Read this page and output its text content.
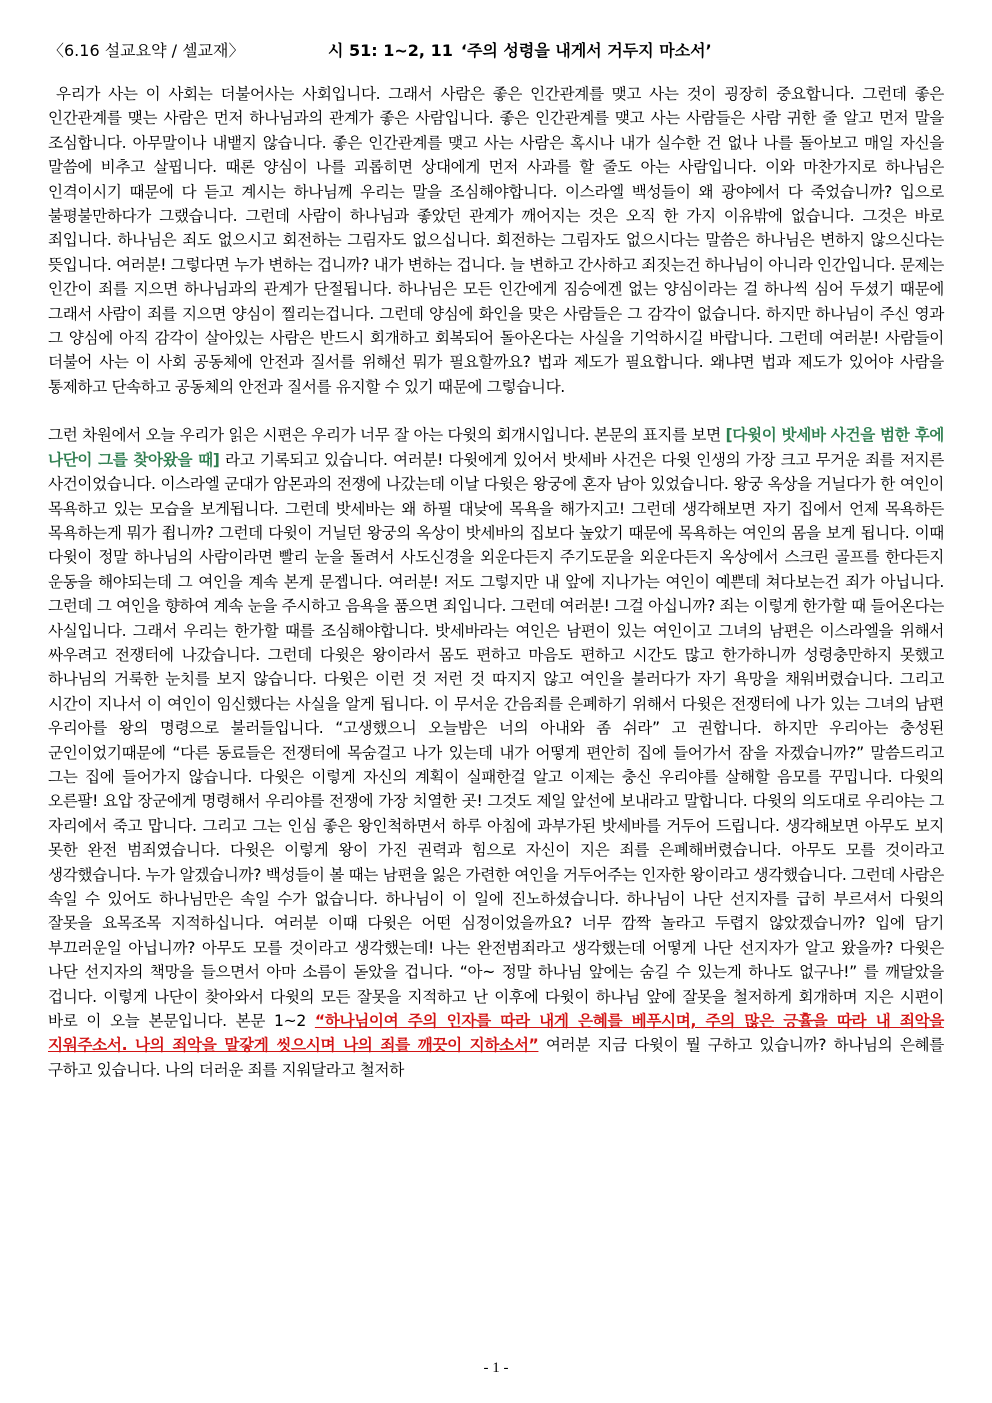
〈6.16 설교요약 / 셀교재〉	시 51: 1~2, 11 ‘주의 성령을 내게서 거두지 마소서’

우리가 사는 이 사회는 더불어사는 사회입니다. 그래서 사람은 좋은 인간관계를 맺고 사는 것이 굉장히 중요합니다. 그런데 좋은 인간관계를 맺는 사람은 먼저 하나님과의 관계가 좋은 사람입니다. 좋은 인간관계를 맺고 사는 사람들은 사람 귀한 줄 알고 먼저 말을 조심합니다. 아무말이나 내뱉지 않습니다. 좋은 인간관계를 맺고 사는 사람은 혹시나 내가 실수한 건 없나 나를 돌아보고 매일 자신을 말씀에 비추고 살핍니다. 때론 양심이 나를 괴롭히면 상대에게 먼저 사과를 할 줄도 아는 사람입니다. 이와 마찬가지로 하나님은 인격이시기 때문에 다 듣고 계시는 하나님께 우리는 말을 조심해야합니다. 이스라엘 백성들이 왜 광야에서 다 죽었습니까? 입으로 불평불만하다가 그랬습니다. 그런데 사람이 하나님과 좋았던 관계가 깨어지는 것은 오직 한 가지 이유밖에 없습니다. 그것은 바로 죄입니다. 하나님은 죄도 없으시고 회전하는 그림자도 없으십니다. 회전하는 그림자도 없으시다는 말씀은 하나님은 변하지 않으신다는 뜻입니다. 여러분! 그렇다면 누가 변하는 겁니까? 내가 변하는 겁니다. 늘 변하고 간사하고 죄짓는건 하나님이 아니라 인간입니다. 문제는 인간이 죄를 지으면 하나님과의 관계가 단절됩니다. 하나님은 모든 인간에게 짐승에겐 없는 양심이라는 걸 하나씩 심어 두셨기 때문에 그래서 사람이 죄를 지으면 양심이 찔리는겁니다. 그런데 양심에 화인을 맞은 사람들은 그 감각이 없습니다. 하지만 하나님이 주신 영과 그 양심에 아직 감각이 살아있는 사람은 반드시 회개하고 회복되어 돌아온다는 사실을 기억하시길 바랍니다. 그런데 여러분! 사람들이 더불어 사는 이 사회 공동체에 안전과 질서를 위해선 뭐가 필요할까요? 법과 제도가 필요합니다. 왜냐면 법과 제도가 있어야 사람을 통제하고 단속하고 공동체의 안전과 질서를 유지할 수 있기 때문에 그렇습니다.

그런 차원에서 오늘 우리가 읽은 시편은 우리가 너무 잘 아는 다윗의 회개시입니다. 본문의 표지를 보면 [다윗이 밧세바 사건을 범한 후에 나단이 그를 찾아왔을 때] 라고 기록되고 있습니다. 여러분! 다윗에게 있어서 밧세바 사건은 다윗 인생의 가장 크고 무거운 죄를 저지른 사건이었습니다. 이스라엘 군대가 암몬과의 전쟁에 나갔는데 이날 다윗은 왕궁에 혼자 남아 있었습니다. 왕궁 옥상을 거닐다가 한 여인이 목욕하고 있는 모습을 보게됩니다. 그런데 밧세바는 왜 하필 대낮에 목욕을 해가지고! 그런데 생각해보면 자기 집에서 언제 목욕하든 목욕하는게 뭐가 죕니까? 그런데 다윗이 거닐던 왕궁의 옥상이 밧세바의 집보다 높았기 때문에 목욕하는 여인의 몸을 보게 됩니다. 이때 다윗이 정말 하나님의 사람이라면 빨리 눈을 돌려서 사도신경을 외운다든지 주기도문을 외운다든지 옥상에서 스크린 골프를 한다든지 운동을 해야되는데 그 여인을 계속 본게 문젭니다. 여러분! 저도 그렇지만 내 앞에 지나가는 여인이 예쁜데 쳐다보는건 죄가 아닙니다. 그런데 그 여인을 향하여 계속 눈을 주시하고 음욕을 품으면 죄입니다. 그런데 여러분! 그걸 아십니까? 죄는 이렇게 한가할 때 들어온다는 사실입니다. 그래서 우리는 한가할 때를 조심해야합니다. 밧세바라는 여인은 남편이 있는 여인이고 그녀의 남편은 이스라엘을 위해서 싸우려고 전쟁터에 나갔습니다. 그런데 다윗은 왕이라서 몸도 편하고 마음도 편하고 시간도 많고 한가하니까 성령충만하지 못했고 하나님의 거룩한 눈치를 보지 않습니다. 다윗은 이런 것 저런 것 따지지 않고 여인을 불러다가 자기 욕망을 채워버렸습니다. 그리고 시간이 지나서 이 여인이 임신했다는 사실을 알게 됩니다. 이 무서운 간음죄를 은폐하기 위해서 다윗은 전쟁터에 나가 있는 그녀의 남편 우리아를 왕의 명령으로 불러들입니다. “고생했으니 오늘밤은 너의 아내와 좀 쉬라” 고 권합니다. 하지만 우리아는 충성된 군인이었기때문에 “다른 동료들은 전쟁터에 목숨걸고 나가 있는데 내가 어떻게 편안히 집에 들어가서 잠을 자겠습니까?” 말씀드리고 그는 집에 들어가지 않습니다. 다윗은 이렇게 자신의 계획이 실패한걸 알고 이제는 충신 우리야를 살해할 음모를 꾸밉니다. 다윗의 오른팔! 요압 장군에게 명령해서 우리야를 전쟁에 가장 치열한 곳! 그것도 제일 앞선에 보내라고 말합니다. 다윗의 의도대로 우리야는 그 자리에서 죽고 맙니다. 그리고 그는 인심 좋은 왕인척하면서 하루 아침에 과부가된 밧세바를 거두어 드립니다. 생각해보면 아무도 보지 못한 완전 범죄였습니다. 다윗은 이렇게 왕이 가진 권력과 힘으로 자신이 지은 죄를 은폐해버렸습니다. 아무도 모를 것이라고 생각했습니다. 누가 알겠습니까? 백성들이 볼 때는 남편을 잃은 가련한 여인을 거두어주는 인자한 왕이라고 생각했습니다. 그런데 사람은 속일 수 있어도 하나님만은 속일 수가 없습니다. 하나님이 이 일에 진노하셨습니다. 하나님이 나단 선지자를 급히 부르셔서 다윗의 잘못을 요목조목 지적하십니다. 여러분 이때 다윗은 어떤 심정이었을까요? 너무 깜짝 놀라고 두렵지 않았겠습니까? 입에 담기 부끄러운일 아닙니까? 아무도 모를 것이라고 생각했는데! 나는 완전범죄라고 생각했는데 어떻게 나단 선지자가 알고 왔을까? 다윗은 나단 선지자의 책망을 들으면서 아마 소름이 돋았을 겁니다. “아~ 정말 하나님 앞에는 숨길 수 있는게 하나도 없구나!” 를 깨달았을 겁니다. 이렇게 나단이 찾아와서 다윗의 모든 잘못을 지적하고 난 이후에 다윗이 하나님 앞에 잘못을 철저하게 회개하며 지은 시편이 바로 이 오늘 본문입니다. 본문 1~2 “하나님이여 주의 인자를 따라 내게 은혜를 베푸시며, 주의 많은 긍휼을 따라 내 죄악을 지워주소서. 나의 죄악을 말갛게 씻으시며 나의 죄를 깨끗이 지하소서” 여러분 지금 다윗이 뭘 구하고 있습니까? 하나님의 은혜를 구하고 있습니다. 나의 더러운 죄를 지워달라고 철저하

- 1 -
